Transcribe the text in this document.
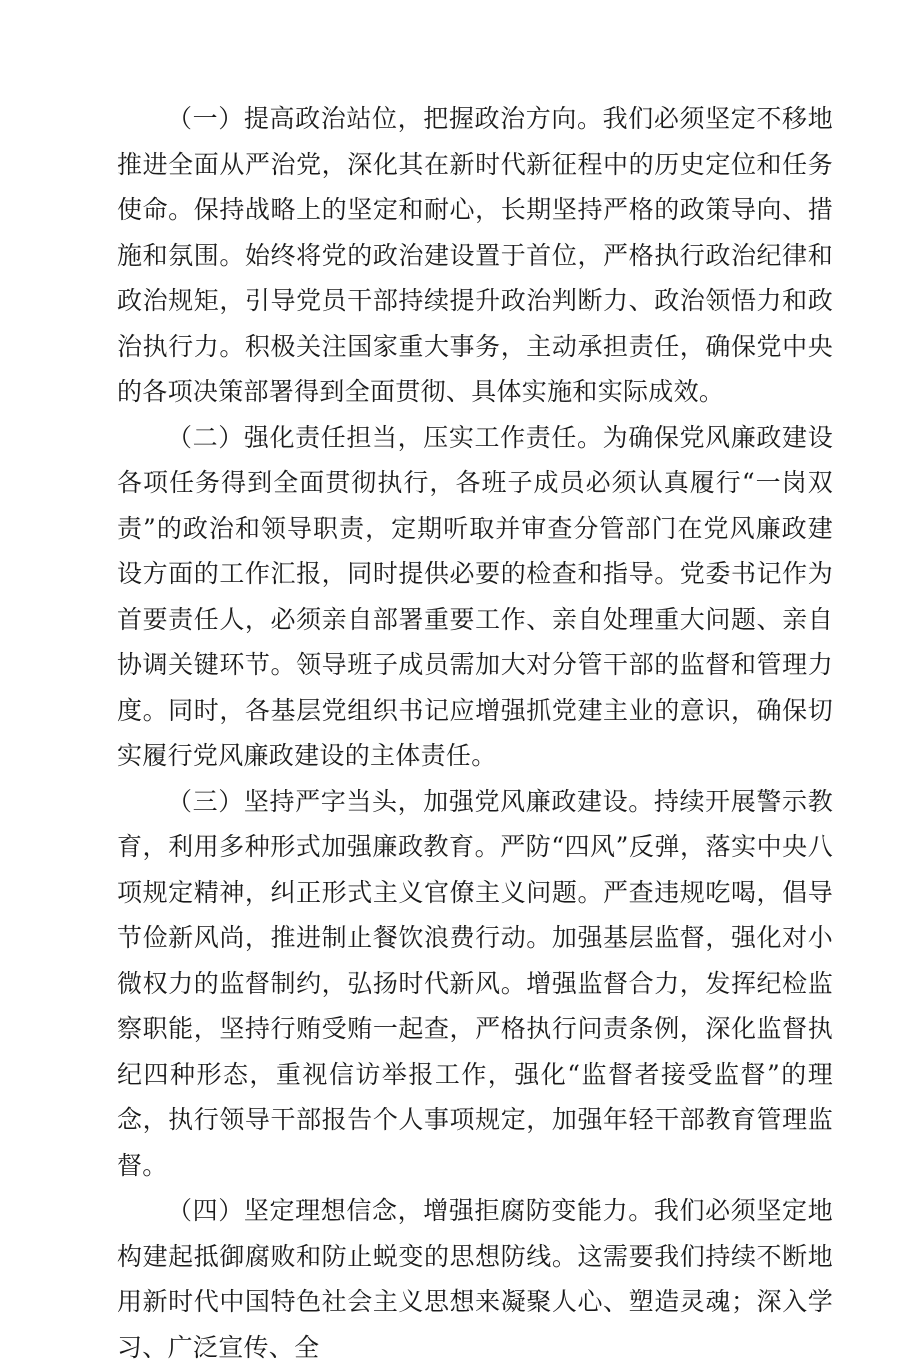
（一）提高政治站位，把握政治方向。我们必须坚定不移地推进全面从严治党，深化其在新时代新征程中的历史定位和任务使命。保持战略上的坚定和耐心，长期坚持严格的政策导向、措施和氛围。始终将党的政治建设置于首位，严格执行政治纪律和政治规矩，引导党员干部持续提升政治判断力、政治领悟力和政治执行力。积极关注国家重大事务，主动承担责任，确保党中央的各项决策部署得到全面贯彻、具体实施和实际成效。

（二）强化责任担当，压实工作责任。为确保党风廉政建设各项任务得到全面贯彻执行，各班子成员必须认真履行“一岗双责”的政治和领导职责，定期听取并审查分管部门在党风廉政建设方面的工作汇报，同时提供必要的检查和指导。党委书记作为首要责任人，必须亲自部署重要工作、亲自处理重大问题、亲自协调关键环节。领导班子成员需加大对分管干部的监督和管理力度。同时，各基层党组织书记应增强抓党建主业的意识，确保切实履行党风廉政建设的主体责任。

（三）坚持严字当头，加强党风廉政建设。持续开展警示教育，利用多种形式加强廉政教育。严防“四风”反弹，落实中央八项规定精神，纠正形式主义官僚主义问题。严查违规吃喝，倡导节俭新风尚，推进制止餐饮浪费行动。加强基层监督，强化对小微权力的监督制约，弘扬时代新风。增强监督合力，发挥纪检监察职能，坚持行贿受贿一起查，严格执行问责条例，深化监督执纪四种形态，重视信访举报工作，强化“监督者接受监督”的理念，执行领导干部报告个人事项规定，加强年轻干部教育管理监督。

（四）坚定理想信念，增强拒腐防变能力。我们必须坚定地构建起抵御腐败和防止蜕变的思想防线。这需要我们持续不断地用新时代中国特色社会主义思想来凝聚人心、塑造灵魂；深入学习、广泛宣传、全
